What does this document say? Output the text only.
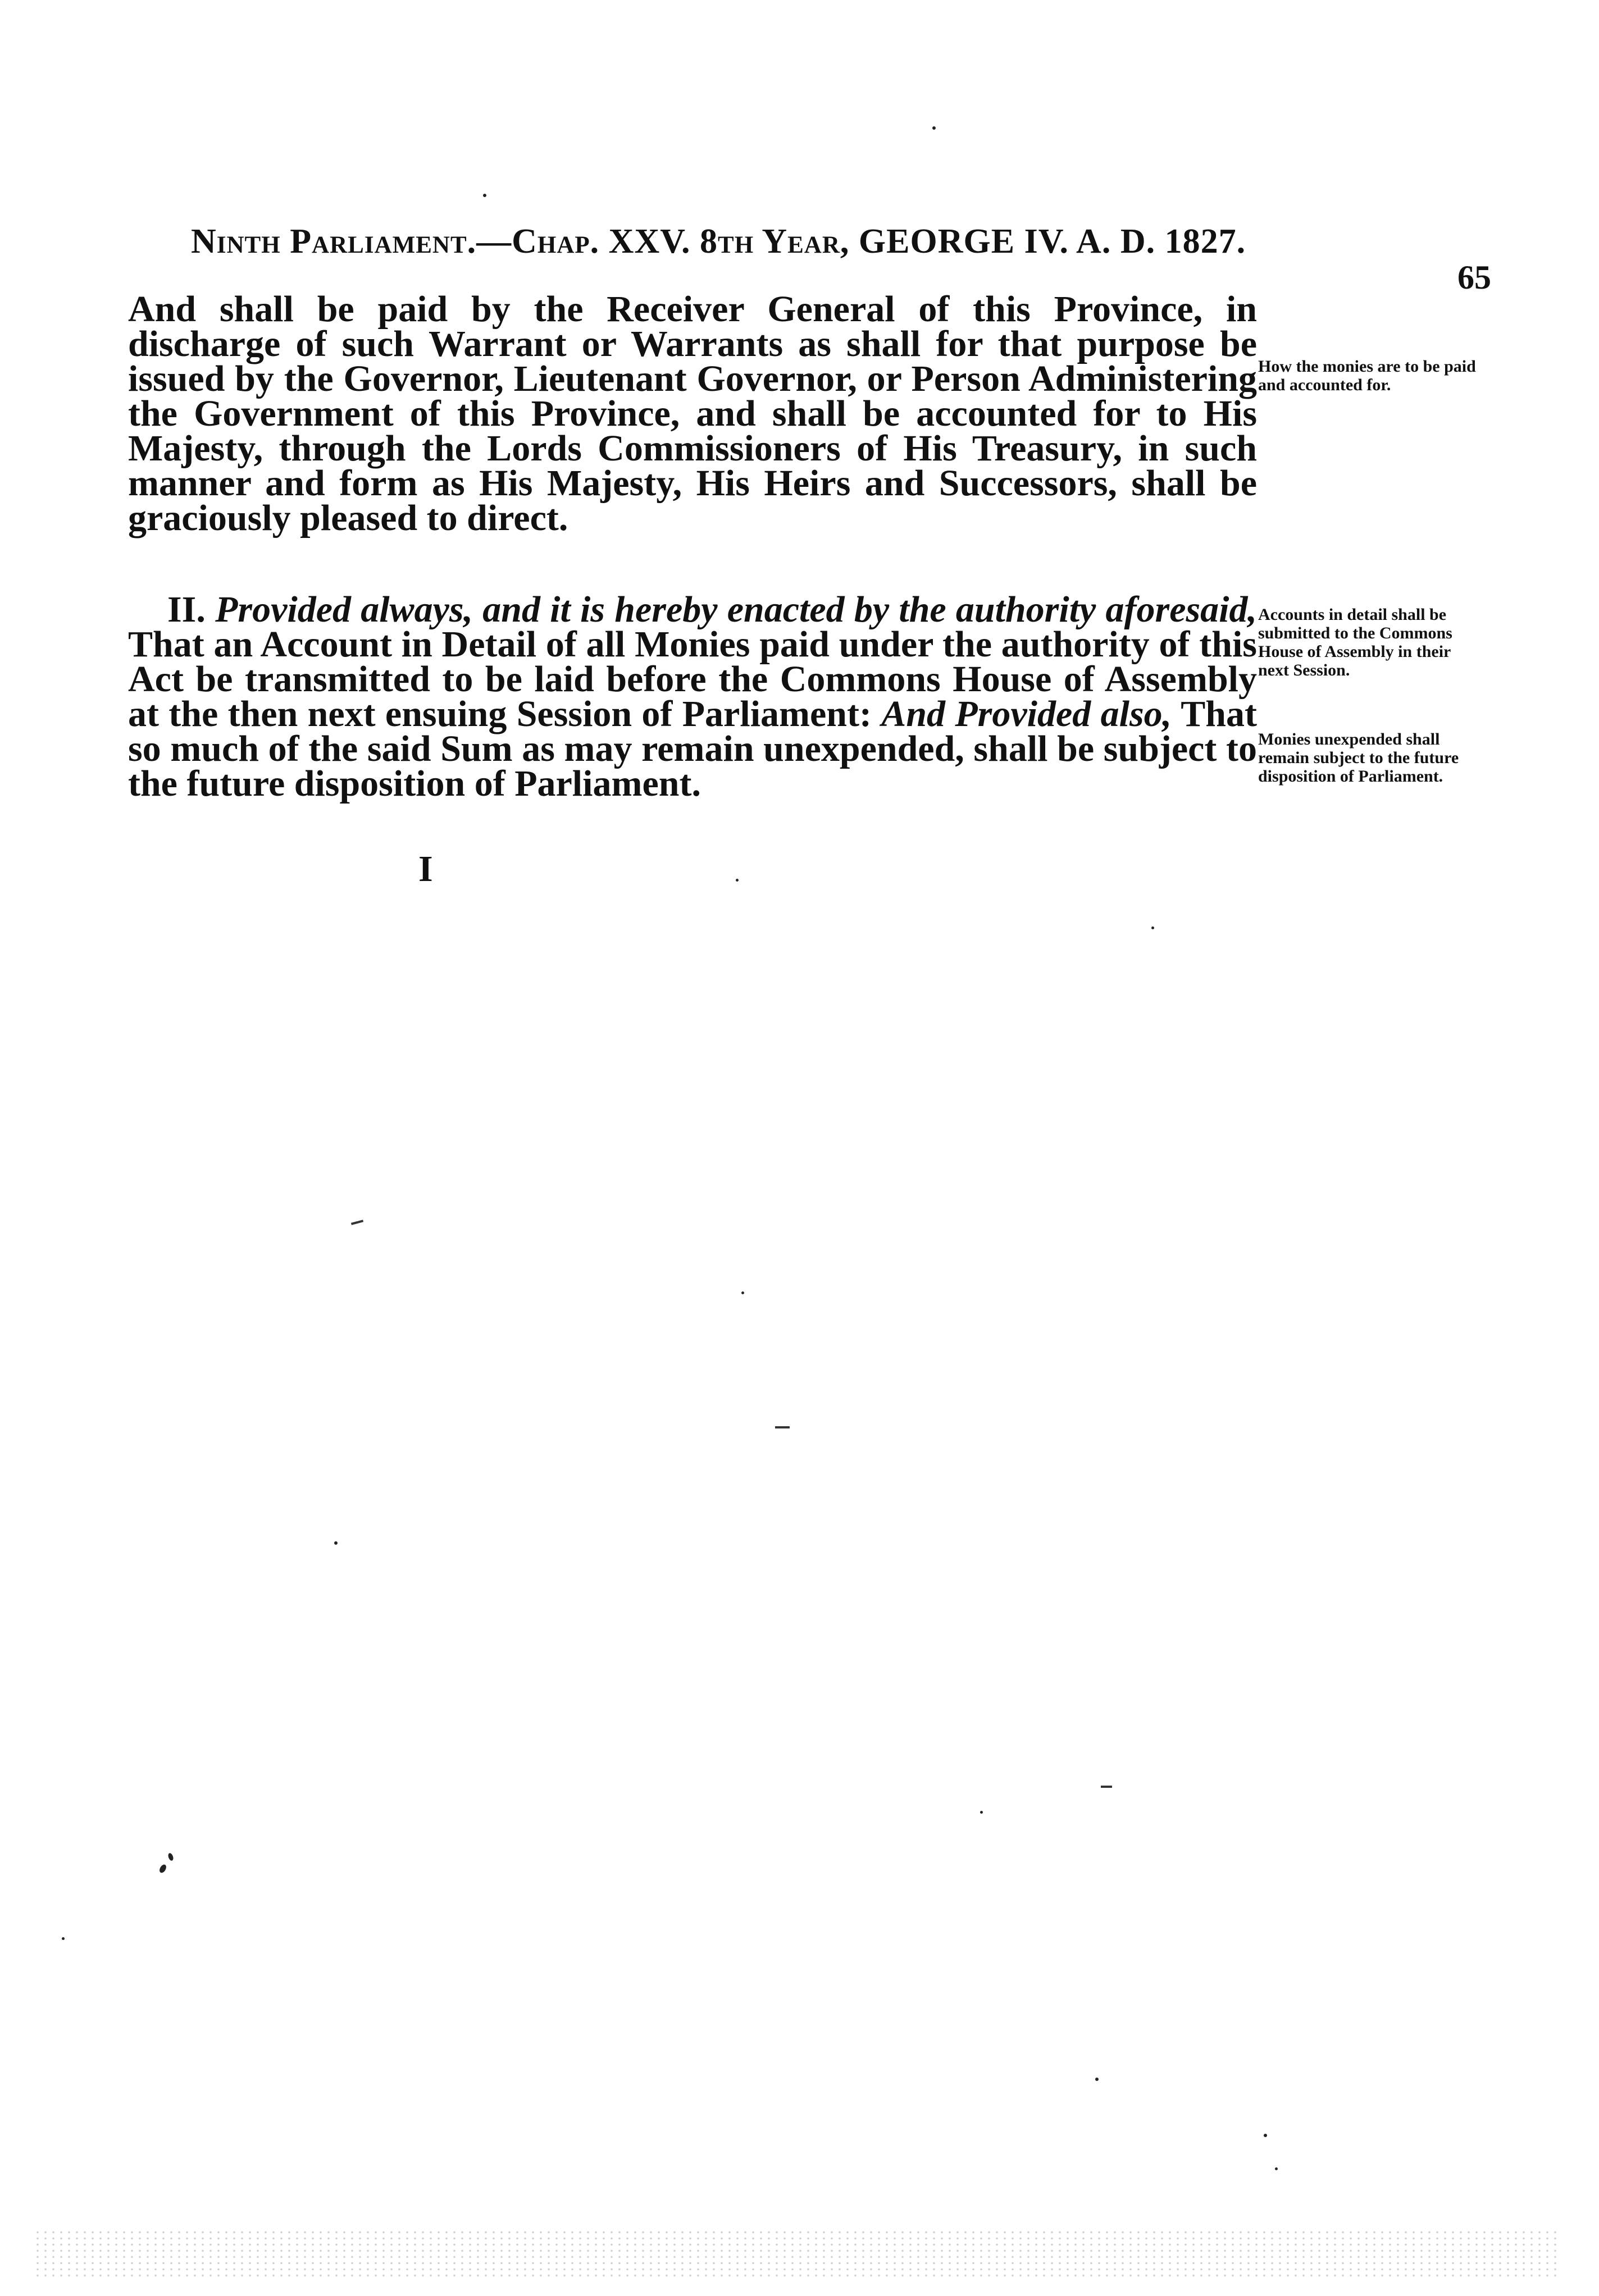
Ninth Parliament.—Chap. XXV. 8th Year, GEORGE IV. A. D. 1827.
65

And shall be paid by the Receiver General of this Province, in discharge of such Warrant or Warrants as shall for that purpose be issued by the Governor, Lieutenant Governor, or Person Administering the Government of this Province, and shall be accounted for to His Majesty, through the Lords Commissioners of His Treasury, in such manner and form as His Majesty, His Heirs and Successors, shall be graciously pleased to direct.

II. Provided always, and it is hereby enacted by the authority aforesaid, That an Account in Detail of all Monies paid under the authority of this Act be transmitted to be laid before the Commons House of Assembly at the then next ensuing Session of Parliament: And Provided also, That so much of the said Sum as may remain unexpended, shall be subject to the future disposition of Parliament.

How the monies are to be paid and accounted for.
Accounts in detail shall be submitted to the Commons House of Assembly in their next Session.
Monies unexpended shall remain subject to the future disposition of Parliament.
I
